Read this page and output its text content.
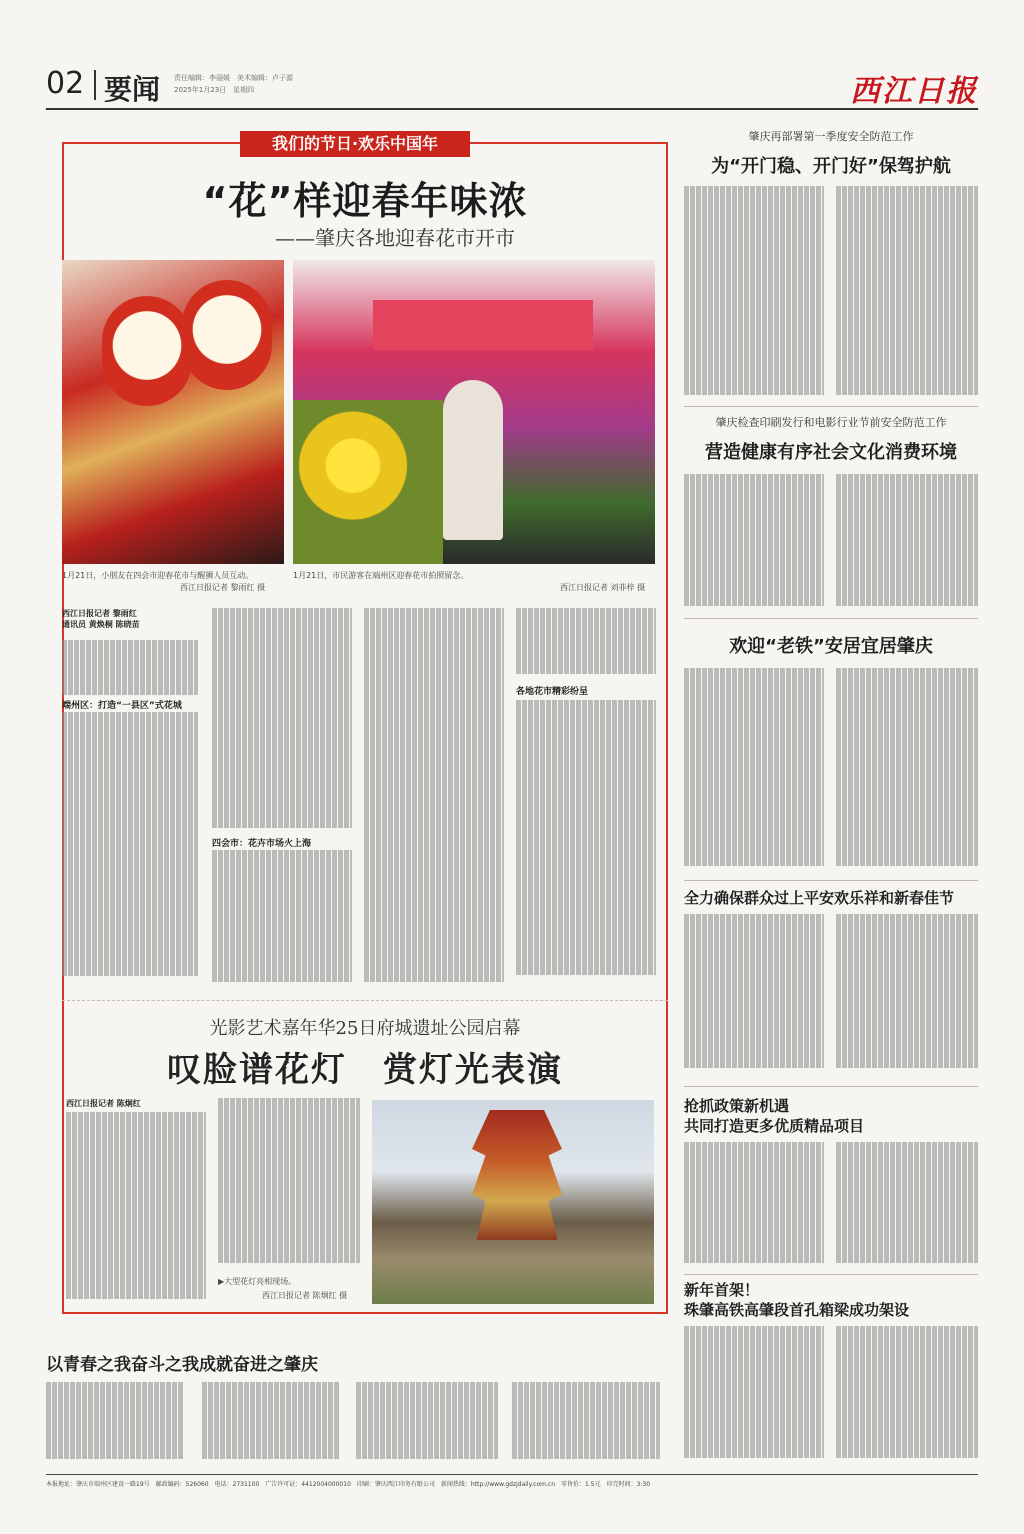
02 要闻 责任编辑：李丽媛　美术编辑：卢子源
2025年1月23日　星期四	西江日报
我们的节日·欢乐中国年
“花”样迎春年味浓
——肇庆各地迎春花市开市
1月21日，小朋友在四会市迎春花市与醒狮人员互动。
西江日报记者 黎雨红 摄
1月21日，市民游客在端州区迎春花市拍照留念。
西江日报记者 刘菲梓 摄
西江日报记者 黎雨红
通讯员 黄焕桐 陈晓苗
端州区：打造“一县区”式花城
四会市：花卉市场火上海
各地花市精彩纷呈
光影艺术嘉年华25日府城遗址公园启幕
叹脸谱花灯　赏灯光表演
西江日报记者 陈炯红
▶大型花灯亮相现场。
西江日报记者 陈炯红 摄
肇庆再部署第一季度安全防范工作
为“开门稳、开门好”保驾护航
肇庆检查印刷发行和电影行业节前安全防范工作
营造健康有序社会文化消费环境
欢迎“老铁”安居宜居肇庆
全力确保群众过上平安欢乐祥和新春佳节
抢抓政策新机遇
共同打造更多优质精品项目
新年首架！
珠肇高铁高肇段首孔箱梁成功架设
以青春之我奋斗之我成就奋进之肇庆
本报地址：肇庆市端州区建设一路19号　邮政编码：526060　电话：2731100　广告许可证：4412004000010　印刷：肇庆西江印务有限公司　新闻热线：http://www.gdzjdaily.com.cn　零售价：1.5元　印完时间：3:30
